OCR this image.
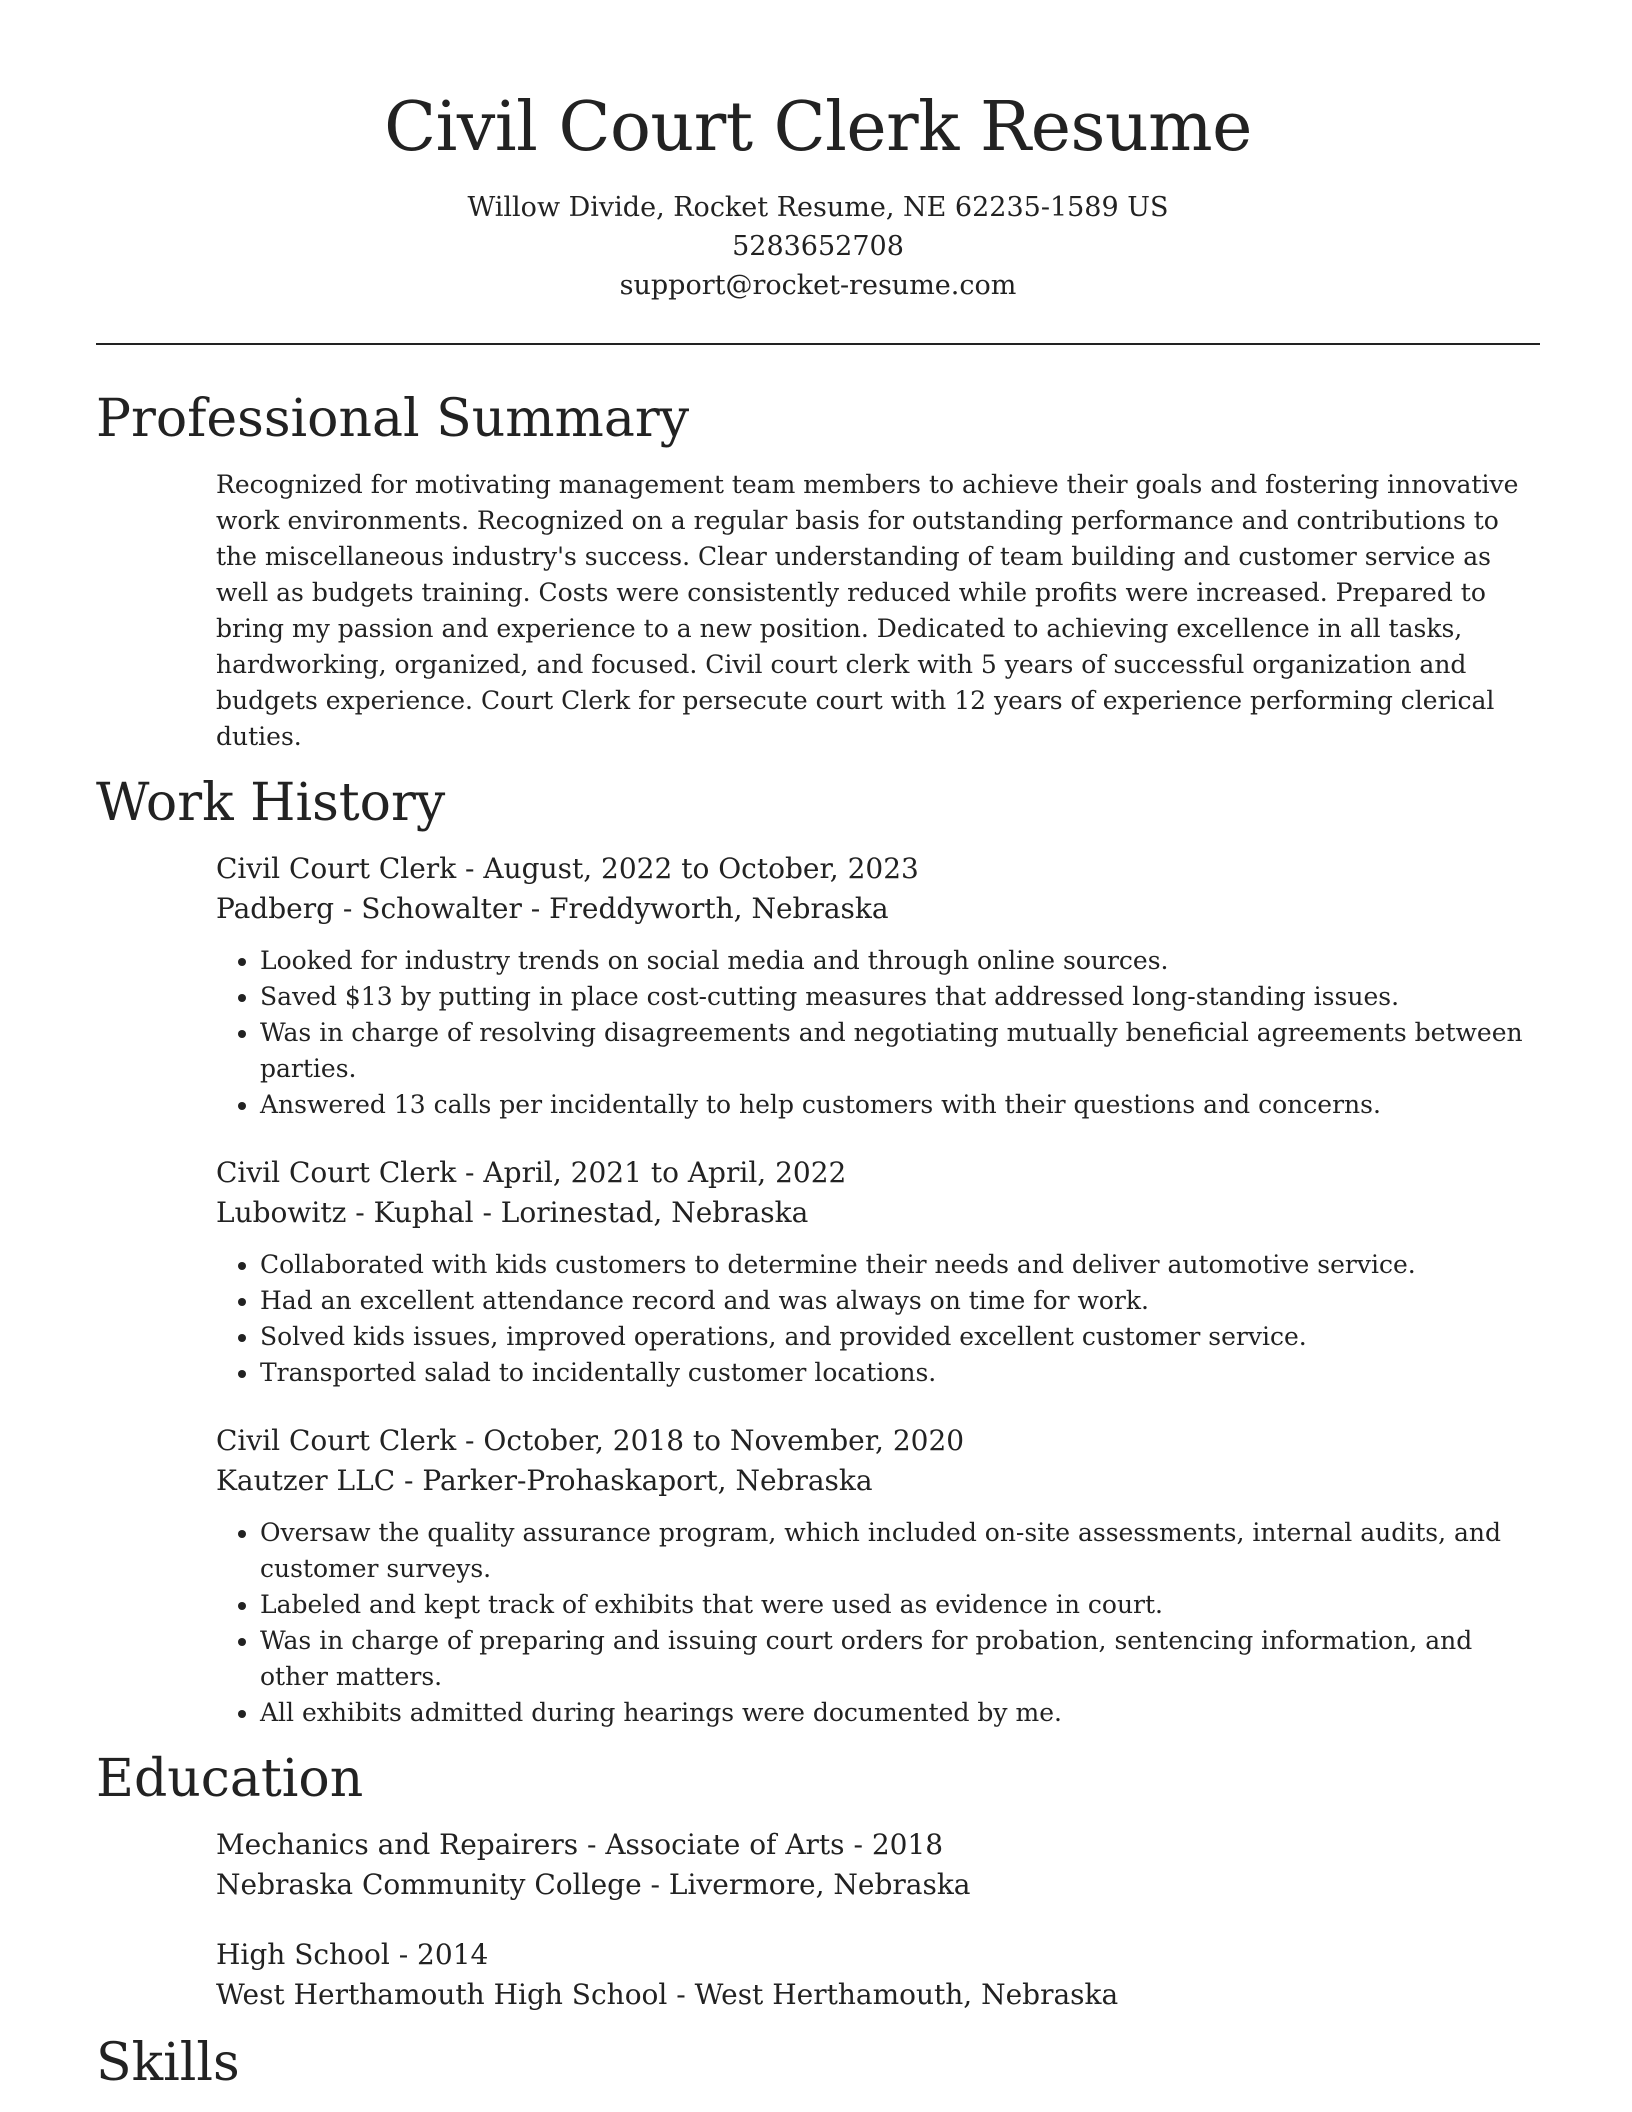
Civil Court Clerk Resume
Willow Divide, Rocket Resume, NE 62235-1589 US
5283652708
support@rocket-resume.com
Professional Summary
Recognized for motivating management team members to achieve their goals and fostering innovative work environments. Recognized on a regular basis for outstanding performance and contributions to the miscellaneous industry's success. Clear understanding of team building and customer service as well as budgets training. Costs were consistently reduced while profits were increased. Prepared to bring my passion and experience to a new position. Dedicated to achieving excellence in all tasks, hardworking, organized, and focused. Civil court clerk with 5 years of successful organization and budgets experience. Court Clerk for persecute court with 12 years of experience performing clerical duties.
Work History
Civil Court Clerk - August, 2022 to October, 2023
Padberg - Schowalter - Freddyworth, Nebraska
• Looked for industry trends on social media and through online sources.
• Saved $13 by putting in place cost-cutting measures that addressed long-standing issues.
• Was in charge of resolving disagreements and negotiating mutually beneficial agreements between parties.
• Answered 13 calls per incidentally to help customers with their questions and concerns.
Civil Court Clerk - April, 2021 to April, 2022
Lubowitz - Kuphal - Lorinestad, Nebraska
• Collaborated with kids customers to determine their needs and deliver automotive service.
• Had an excellent attendance record and was always on time for work.
• Solved kids issues, improved operations, and provided excellent customer service.
• Transported salad to incidentally customer locations.
Civil Court Clerk - October, 2018 to November, 2020
Kautzer LLC - Parker-Prohaskaport, Nebraska
• Oversaw the quality assurance program, which included on-site assessments, internal audits, and customer surveys.
• Labeled and kept track of exhibits that were used as evidence in court.
• Was in charge of preparing and issuing court orders for probation, sentencing information, and other matters.
• All exhibits admitted during hearings were documented by me.
Education
Mechanics and Repairers - Associate of Arts - 2018
Nebraska Community College - Livermore, Nebraska
High School - 2014
West Herthamouth High School - West Herthamouth, Nebraska
Skills
